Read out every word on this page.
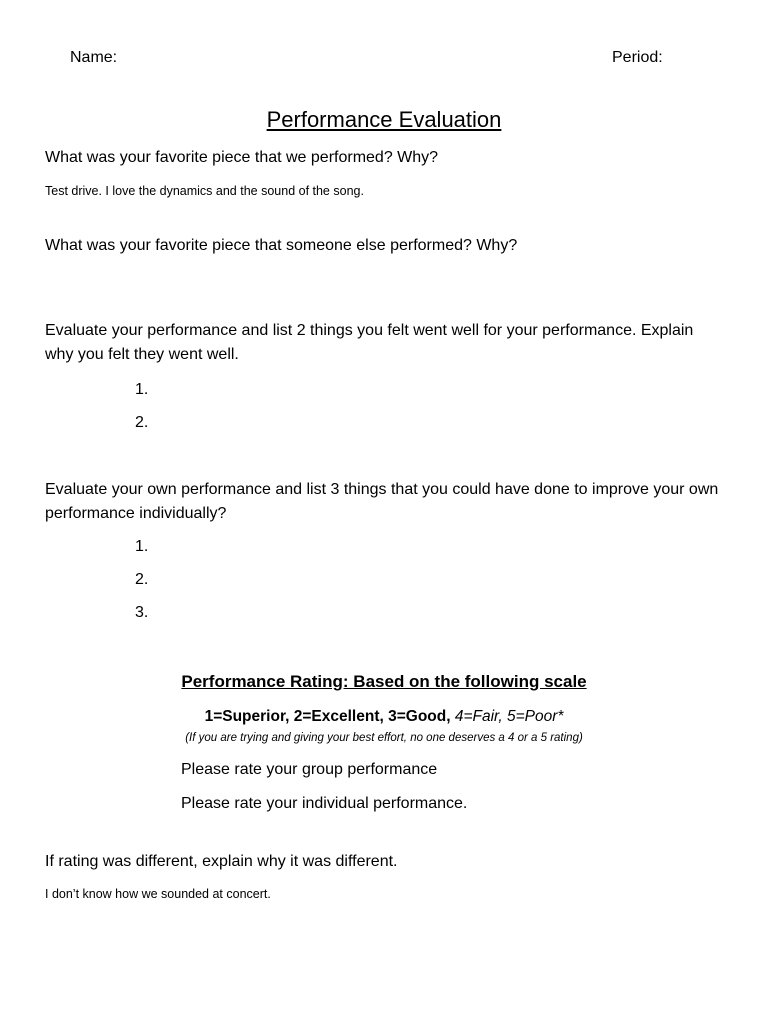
Name:	Period:
Performance Evaluation
What was your favorite piece that we performed? Why?
Test drive. I love the dynamics and the sound of the song.
What was your favorite piece that someone else performed? Why?
Evaluate your performance and list 2 things you felt went well for your performance. Explain why you felt they went well.
1.
2.
Evaluate your own performance and list 3 things that you could have done to improve your own performance individually?
1.
2.
3.
Performance Rating: Based on the following scale
1=Superior, 2=Excellent, 3=Good, 4=Fair, 5=Poor*
(If you are trying and giving your best effort, no one deserves a 4 or a 5 rating)
Please rate your group performance
Please rate your individual performance.
If rating was different, explain why it was different.
I don’t know how we sounded at concert.
